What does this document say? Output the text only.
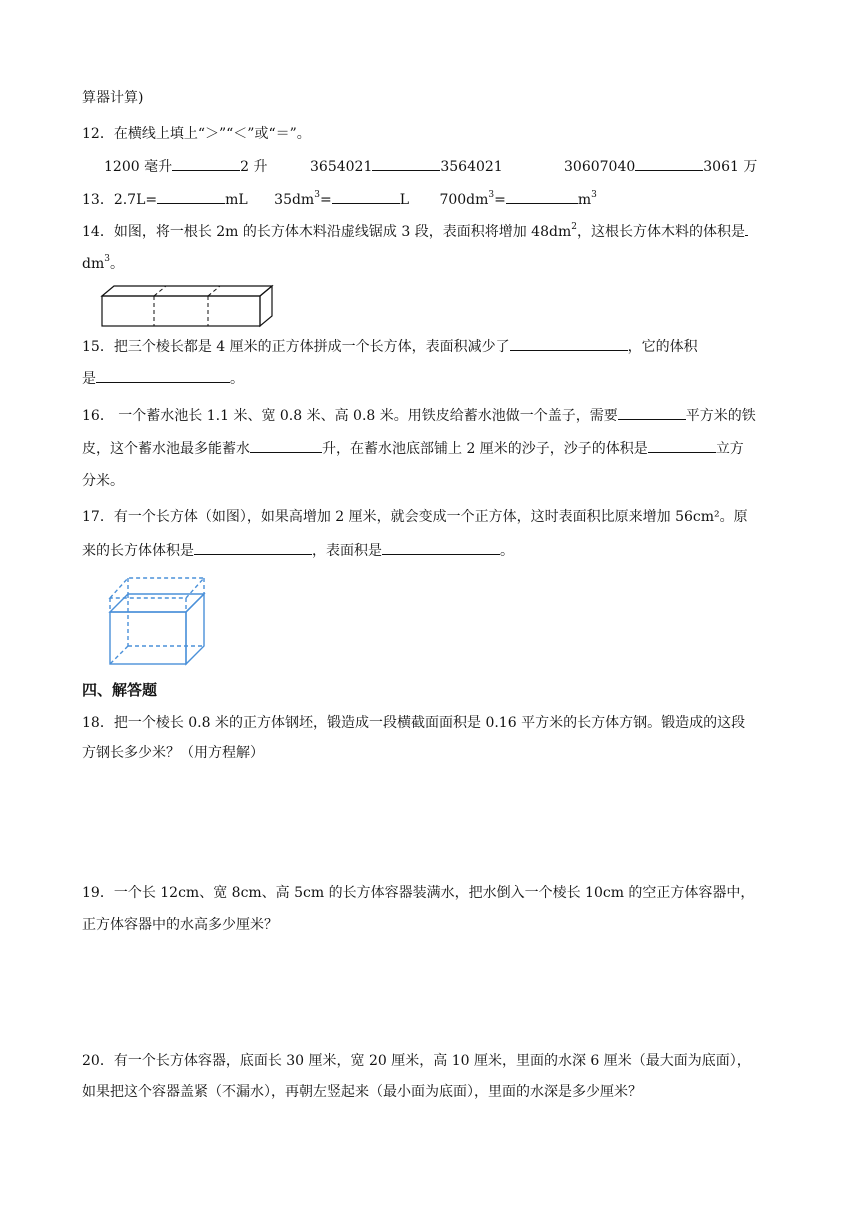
算器计算)
12．在横线上填上“＞”“＜”或“＝”。
1200 毫升	2 升	3654021	3564021	30607040	3061 万
13．2.7L=	mL $35dm^3=$	L $700dm^3=$	$m^3$
14．如图，将一根长 2m 的长方体木料沿虚线锯成 3 段，表面积将增加 $48dm^2$，这根长方体木料的体积是
$dm^3$。
15．把三个棱长都是 4 厘米的正方体拼成一个长方体，表面积减少了	，它的体积
是	。
16． 一个蓄水池长 1.1 米、宽 0.8 米、高 0.8 米。用铁皮给蓄水池做一个盖子，需要	平方米的铁
皮，这个蓄水池最多能蓄水	升，在蓄水池底部铺上 2 厘米的沙子，沙子的体积是	立方
分米。
17．有一个长方体（如图），如果高增加 2 厘米，就会变成一个正方体，这时表面积比原来增加 56cm²。原
来的长方体体积是	，表面积是	。
四、解答题
18．把一个棱长 0.8 米的正方体钢坯，锻造成一段横截面面积是 0.16 平方米的长方体方钢。锻造成的这段
方钢长多少米？（用方程解）
19．一个长 12cm、宽 8cm、高 5cm 的长方体容器装满水，把水倒入一个棱长 10cm 的空正方体容器中，
正方体容器中的水高多少厘米？
20．有一个长方体容器，底面长 30 厘米，宽 20 厘米，高 10 厘米，里面的水深 6 厘米（最大面为底面），
如果把这个容器盖紧（不漏水），再朝左竖起来（最小面为底面），里面的水深是多少厘米？
